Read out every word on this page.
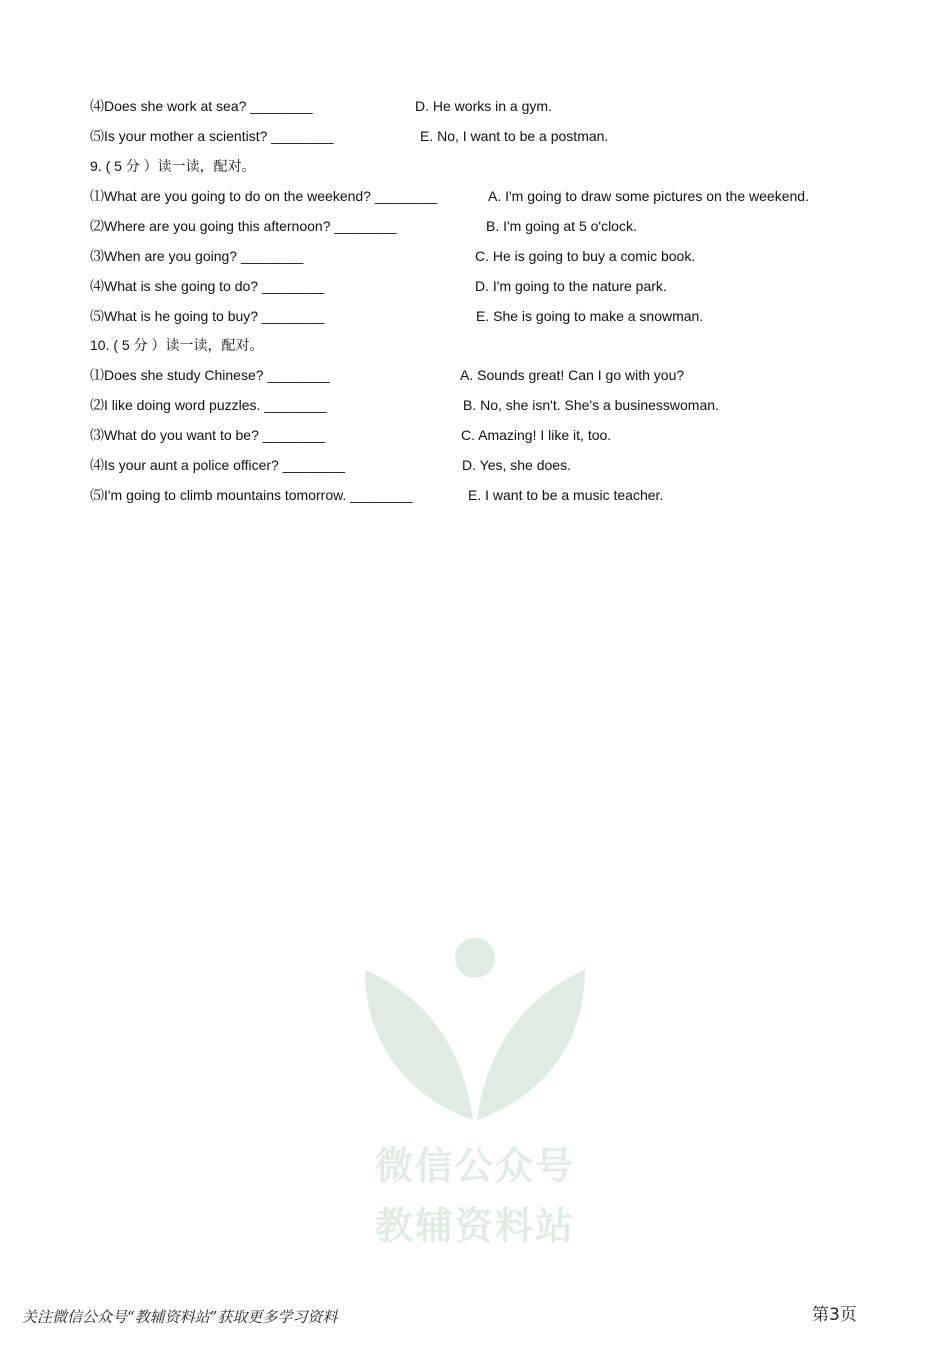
⑷Does she work at sea? ________	D. He works in a gym.
⑸Is your mother a scientist? ________	E. No, I want to be a postman.
9. ( 5 分 ）读一读，配对。
⑴What are you going to do on the weekend? ________	A. I'm going to draw some pictures on the weekend.
⑵Where are you going this afternoon? ________	B. I'm going at 5 o'clock.
⑶When are you going? ________	C. He is going to buy a comic book.
⑷What is she going to do? ________	D. I'm going to the nature park.
⑸What is he going to buy? ________	E. She is going to make a snowman.
10. ( 5 分 ）读一读，配对。
⑴Does she study Chinese? ________	A. Sounds great! Can I go with you?
⑵I like doing word puzzles. ________	B. No, she isn't. She's a businesswoman.
⑶What do you want to be? ________	C. Amazing! I like it, too.
⑷Is your aunt a police officer? ________	D. Yes, she does.
⑸I'm going to climb mountains tomorrow. ________	E. I want to be a music teacher.
微信公众号
教辅资料站
关注微信公众号“教辅资料站”获取更多学习资料	第3页
